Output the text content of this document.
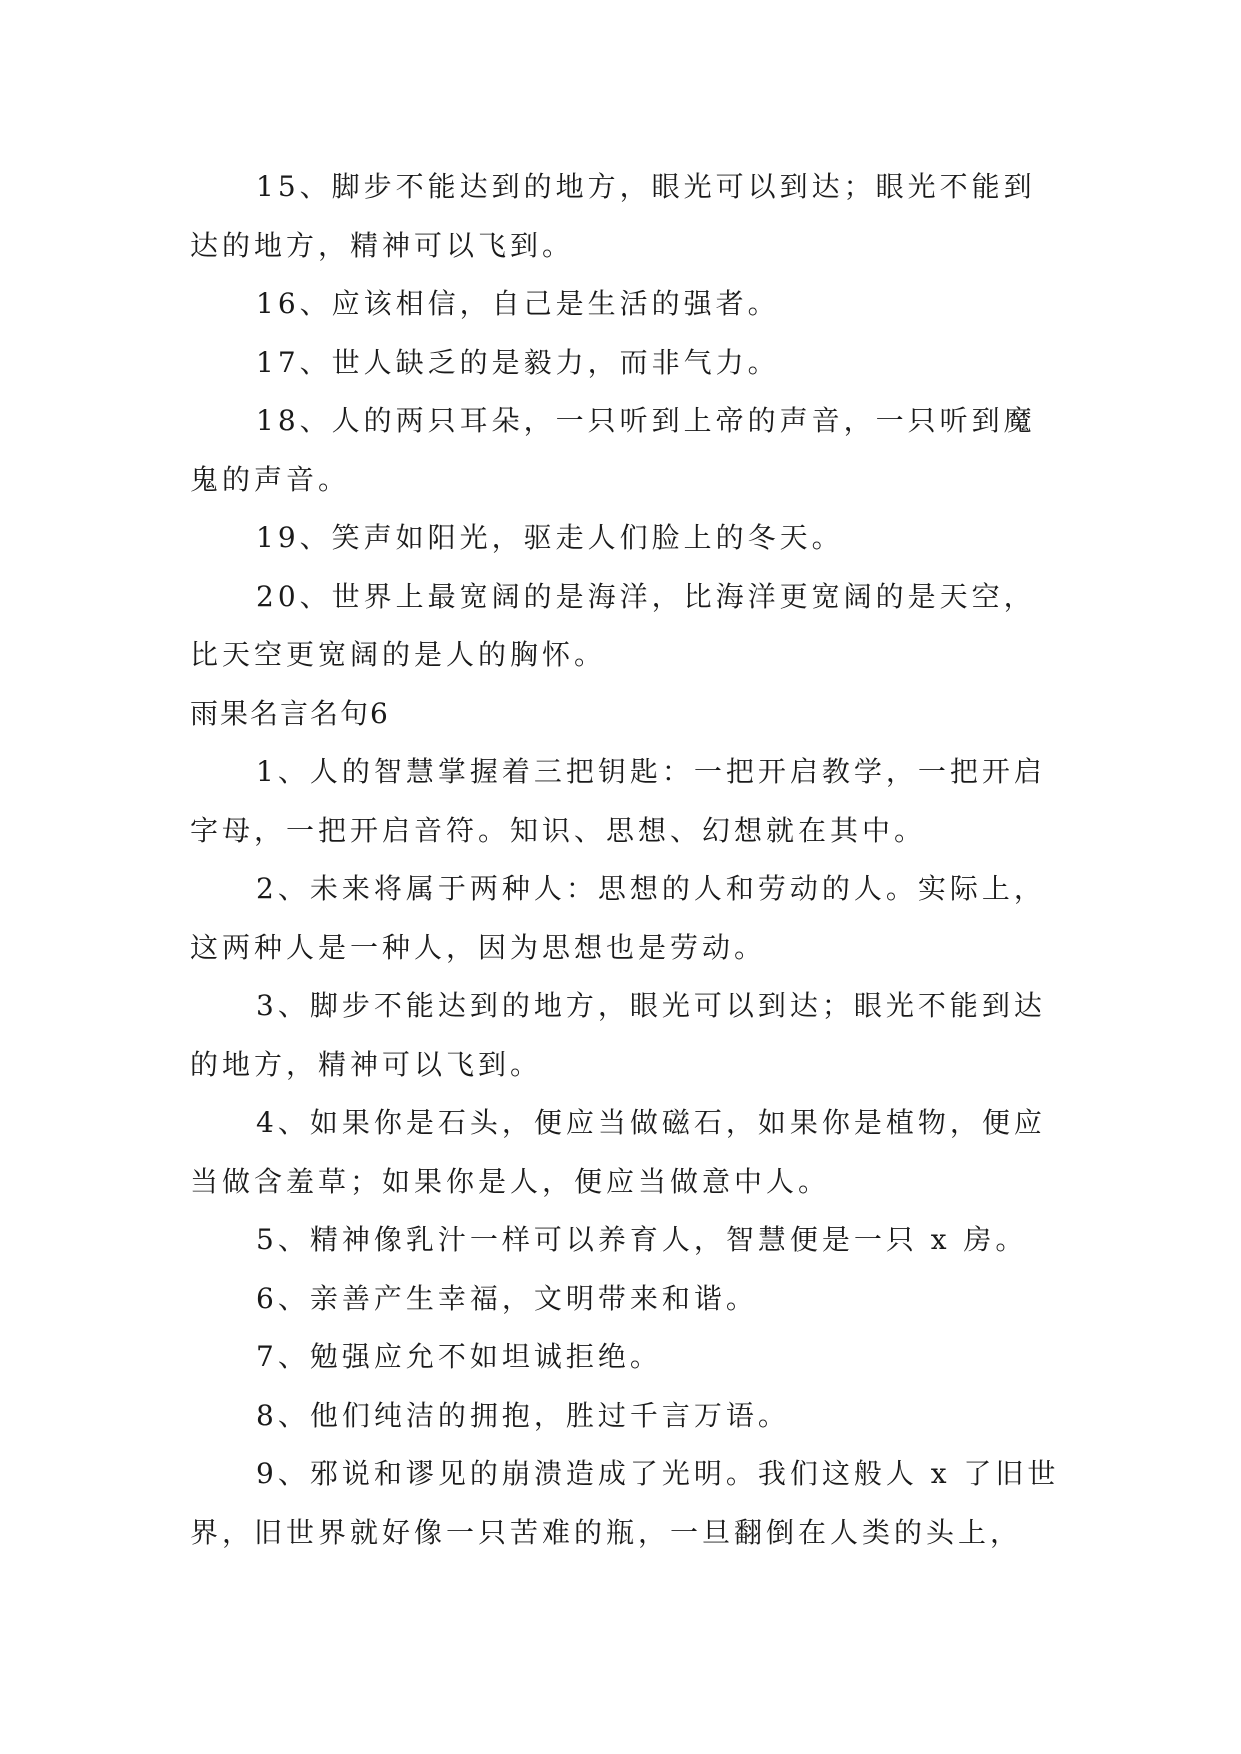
15、脚步不能达到的地方，眼光可以到达；眼光不能到达的地方，精神可以飞到。

16、应该相信，自己是生活的强者。

17、世人缺乏的是毅力，而非气力。

18、人的两只耳朵，一只听到上帝的声音，一只听到魔鬼的声音。

19、笑声如阳光，驱走人们脸上的冬天。

20、世界上最宽阔的是海洋，比海洋更宽阔的是天空，比天空更宽阔的是人的胸怀。

雨果名言名句6

1、人的智慧掌握着三把钥匙：一把开启教学，一把开启字母，一把开启音符。知识、思想、幻想就在其中。

2、未来将属于两种人：思想的人和劳动的人。实际上，这两种人是一种人，因为思想也是劳动。

3、脚步不能达到的地方，眼光可以到达；眼光不能到达的地方，精神可以飞到。

4、如果你是石头，便应当做磁石，如果你是植物，便应当做含羞草；如果你是人，便应当做意中人。

5、精神像乳汁一样可以养育人，智慧便是一只 x 房。

6、亲善产生幸福，文明带来和谐。

7、勉强应允不如坦诚拒绝。

8、他们纯洁的拥抱，胜过千言万语。

9、邪说和谬见的崩溃造成了光明。我们这般人 x 了旧世界，旧世界就好像一只苦难的瓶，一旦翻倒在人类的头上，
